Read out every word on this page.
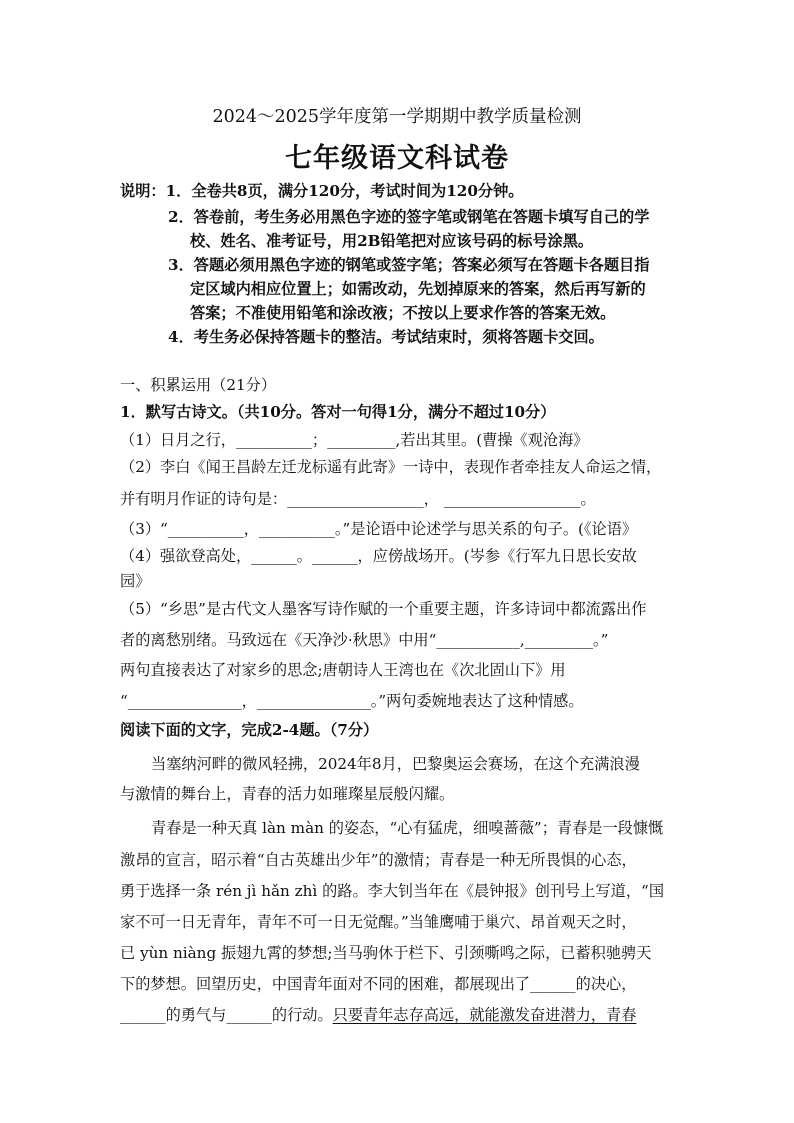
2024～2025学年度第一学期期中教学质量检测
七年级语文科试卷
说明：1．全卷共8页，满分120分，考试时间为120分钟。
2．答卷前，考生务必用黑色字迹的签字笔或钢笔在答题卡填写自己的学
校、姓名、准考证号，用2B铅笔把对应该号码的标号涂黑。
3．答题必须用黑色字迹的钢笔或签字笔；答案必须写在答题卡各题目指
定区域内相应位置上；如需改动，先划掉原来的答案，然后再写新的
答案；不准使用铅笔和涂改液；不按以上要求作答的答案无效。
4．考生务必保持答题卡的整洁。考试结束时，须将答题卡交回。
一、积累运用（21分）
1．默写古诗文。（共10分。答对一句得1分，满分不超过10分）
（1）日月之行，__________；_________,若出其里。(曹操《观沧海》
（2）李白《闻王昌龄左迁龙标遥有此寄》一诗中，表现作者牵挂友人命运之情，
并有明月作证的诗句是：__________________， __________________。
（3）“__________，__________。”是论语中论述学与思关系的句子。(《论语》
（4）强欲登高处，______。______，应傍战场开。(岑参《行军九日思长安故
园》
（5）“乡思”是古代文人墨客写诗作赋的一个重要主题，许多诗词中都流露出作
者的离愁别绪。马致远在《天净沙·秋思》中用“___________,_________。”
两句直接表达了对家乡的思念;唐朝诗人王湾也在《次北固山下》用
“_______________，_______________。”两句委婉地表达了这种情感。
阅读下面的文字，完成2-4题。（7分）
当塞纳河畔的微风轻拂，2024年8月，巴黎奥运会赛场，在这个充满浪漫
与激情的舞台上，青春的活力如璀璨星辰般闪耀。
青春是一种天真 làn màn 的姿态，“心有猛虎，细嗅蔷薇”；青春是一段慷慨
激昂的宣言，昭示着“自古英雄出少年”的激情；青春是一种无所畏惧的心态，
勇于选择一条 rén jì hǎn zhì 的路。李大钊当年在《晨钟报》创刊号上写道，“国
家不可一日无青年，青年不可一日无觉醒。”当雏鹰哺于巢穴、昂首观天之时，
已 yùn niàng 振翅九霄的梦想;当马驹休于栏下、引颈嘶鸣之际，已蓄积驰骋天
下的梦想。回望历史，中国青年面对不同的困难，都展现出了______的决心，
______的勇气与______的行动。只要青年志存高远，就能激发奋进潜力，青春
